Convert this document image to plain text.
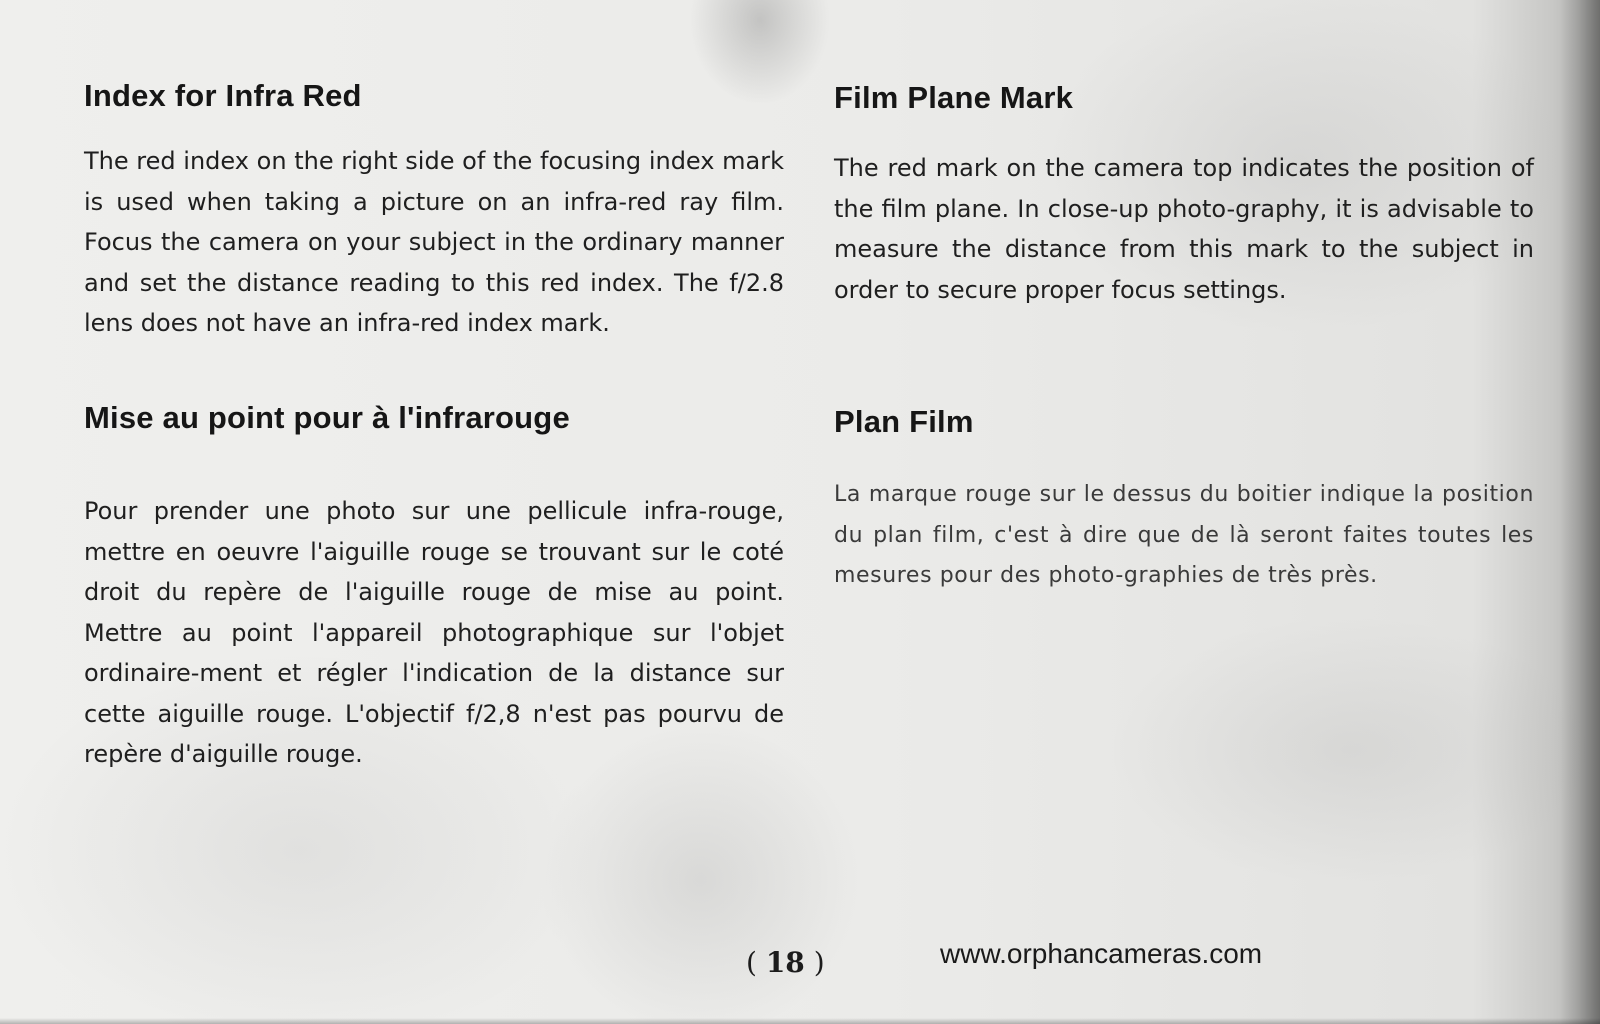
Index for Infra Red

The red index on the right side of the focusing index mark is used when taking a picture on an infra-red ray film. Focus the camera on your subject in the ordinary manner and set the distance reading to this red index. The f/2.8 lens does not have an infra-red index mark.

Mise au point pour à l'infrarouge

Pour prender une photo sur une pellicule infra-rouge, mettre en oeuvre l'aiguille rouge se trouvant sur le coté droit du repère de l'aiguille rouge de mise au point. Mettre au point l'appareil photographique sur l'objet ordinaire-ment et régler l'indication de la distance sur cette aiguille rouge. L'objectif f/2,8 n'est pas pourvu de repère d'aiguille rouge.

Film Plane Mark

The red mark on the camera top indicates the position of the film plane. In close-up photo-graphy, it is advisable to measure the distance from this mark to the subject in order to secure proper focus settings.

Plan Film

La marque rouge sur le dessus du boitier indique la position du plan film, c'est à dire que de là seront faites toutes les mesures pour des photo-graphies de très près.

( 18 )	www.orphancameras.com
